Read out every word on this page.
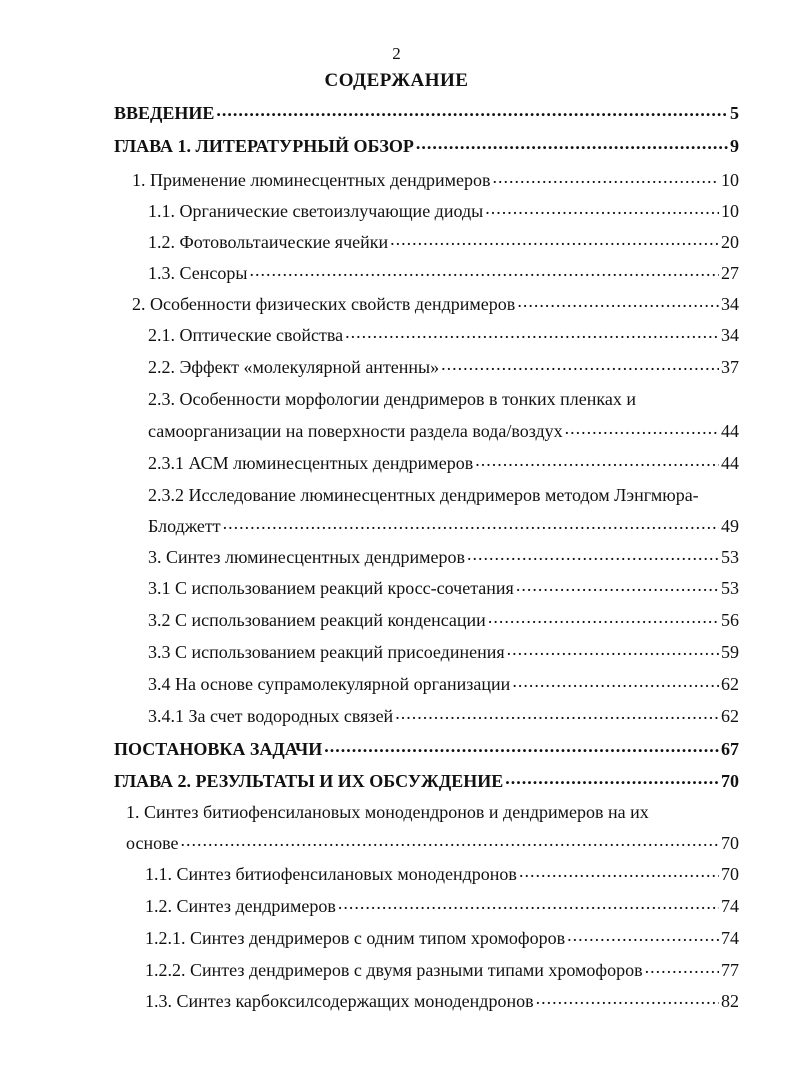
2
СОДЕРЖАНИЕ
ВВЕДЕНИЕ .....	5
ГЛАВА 1. ЛИТЕРАТУРНЫЙ ОБЗОР .....	9
1. Применение люминесцентных дендримеров .....	10
1.1. Органические светоизлучающие диоды .....	10
1.2. Фотовольтаические ячейки .....	20
1.3. Сенсоры .....	27
2. Особенности физических свойств дендримеров .....	34
2.1. Оптические свойства .....	34
2.2. Эффект «молекулярной антенны» .....	37
2.3. Особенности морфологии дендримеров в тонких пленках и
самоорганизации на поверхности раздела вода/воздух .....	44
2.3.1 АСМ люминесцентных дендримеров .....	44
2.3.2 Исследование люминесцентных дендримеров методом Лэнгмюра-
Блоджетт .....	49
3. Синтез люминесцентных дендримеров .....	53
3.1 С использованием реакций кросс-сочетания .....	53
3.2 С использованием реакций конденсации .....	56
3.3 С использованием реакций присоединения .....	59
3.4 На основе супрамолекулярной организации .....	62
3.4.1 За счет водородных связей .....	62
ПОСТАНОВКА ЗАДАЧИ .....	67
ГЛАВА 2. РЕЗУЛЬТАТЫ И ИХ ОБСУЖДЕНИЕ .....	70
1. Синтез битиофенсилановых монодендронов и дендримеров на их
основе .....	70
1.1. Синтез битиофенсилановых монодендронов .....	70
1.2. Синтез дендримеров .....	74
1.2.1. Синтез дендримеров с одним типом хромофоров .....	74
1.2.2. Синтез дендримеров с двумя разными типами хромофоров .....	77
1.3. Синтез карбоксилсодержащих монодендронов .....	82
